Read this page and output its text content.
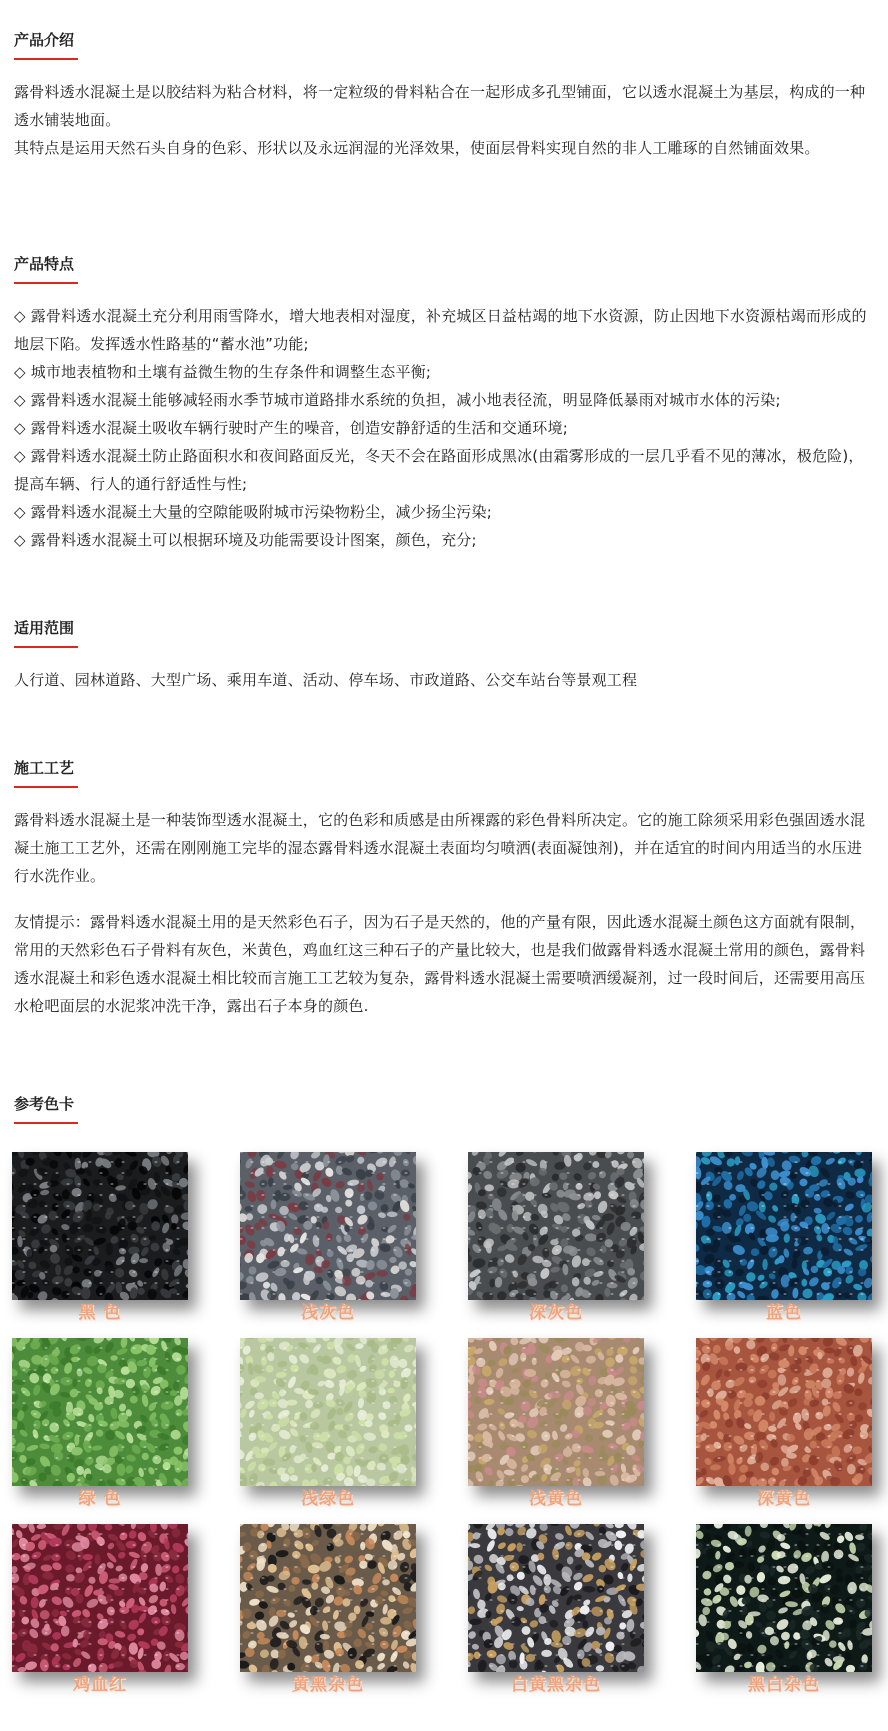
产品介绍

露骨料透水混凝土是以胶结料为粘合材料，将一定粒级的骨料粘合在一起形成多孔型铺面，它以透水混凝土为基层，构成的一种透水铺装地面。

其特点是运用天然石头自身的色彩、形状以及永远润湿的光泽效果，使面层骨料实现自然的非人工雕琢的自然铺面效果。

产品特点
◇ 露骨料透水混凝土充分利用雨雪降水，增大地表相对湿度，补充城区日益枯竭的地下水资源，防止因地下水资源枯竭而形成的地层下陷。发挥透水性路基的“蓄水池”功能;
◇ 城市地表植物和土壤有益微生物的生存条件和调整生态平衡;
◇ 露骨料透水混凝土能够减轻雨水季节城市道路排水系统的负担，减小地表径流，明显降低暴雨对城市水体的污染;
◇ 露骨料透水混凝土吸收车辆行驶时产生的噪音，创造安静舒适的生活和交通环境;
◇ 露骨料透水混凝土防止路面积水和夜间路面反光，冬天不会在路面形成黑冰(由霜雾形成的一层几乎看不见的薄冰，极危险)，提高车辆、行人的通行舒适性与性;
◇ 露骨料透水混凝土大量的空隙能吸附城市污染物粉尘，减少扬尘污染;
◇ 露骨料透水混凝土可以根据环境及功能需要设计图案，颜色，充分;
适用范围

人行道、园林道路、大型广场、乘用车道、活动、停车场、市政道路、公交车站台等景观工程

施工工艺

露骨料透水混凝土是一种装饰型透水混凝土，它的色彩和质感是由所裸露的彩色骨料所决定。它的施工除须采用彩色强固透水混凝土施工工艺外，还需在刚刚施工完毕的湿态露骨料透水混凝土表面均匀喷洒(表面凝蚀剂)，并在适宜的时间内用适当的水压进行水洗作业。

友情提示：露骨料透水混凝土用的是天然彩色石子，因为石子是天然的，他的产量有限，因此透水混凝土颜色这方面就有限制，常用的天然彩色石子骨料有灰色，米黄色，鸡血红这三种石子的产量比较大，也是我们做露骨料透水混凝土常用的颜色，露骨料透水混凝土和彩色透水混凝土相比较而言施工工艺较为复杂，露骨料透水混凝土需要喷洒缓凝剂，过一段时间后，还需要用高压水枪吧面层的水泥浆冲洗干净，露出石子本身的颜色.

参考色卡
黑 色	浅灰色	深灰色	蓝色
绿 色	浅绿色	浅黄色	深黄色
鸡血红	黄黑杂色	白黄黑杂色	黑白杂色
